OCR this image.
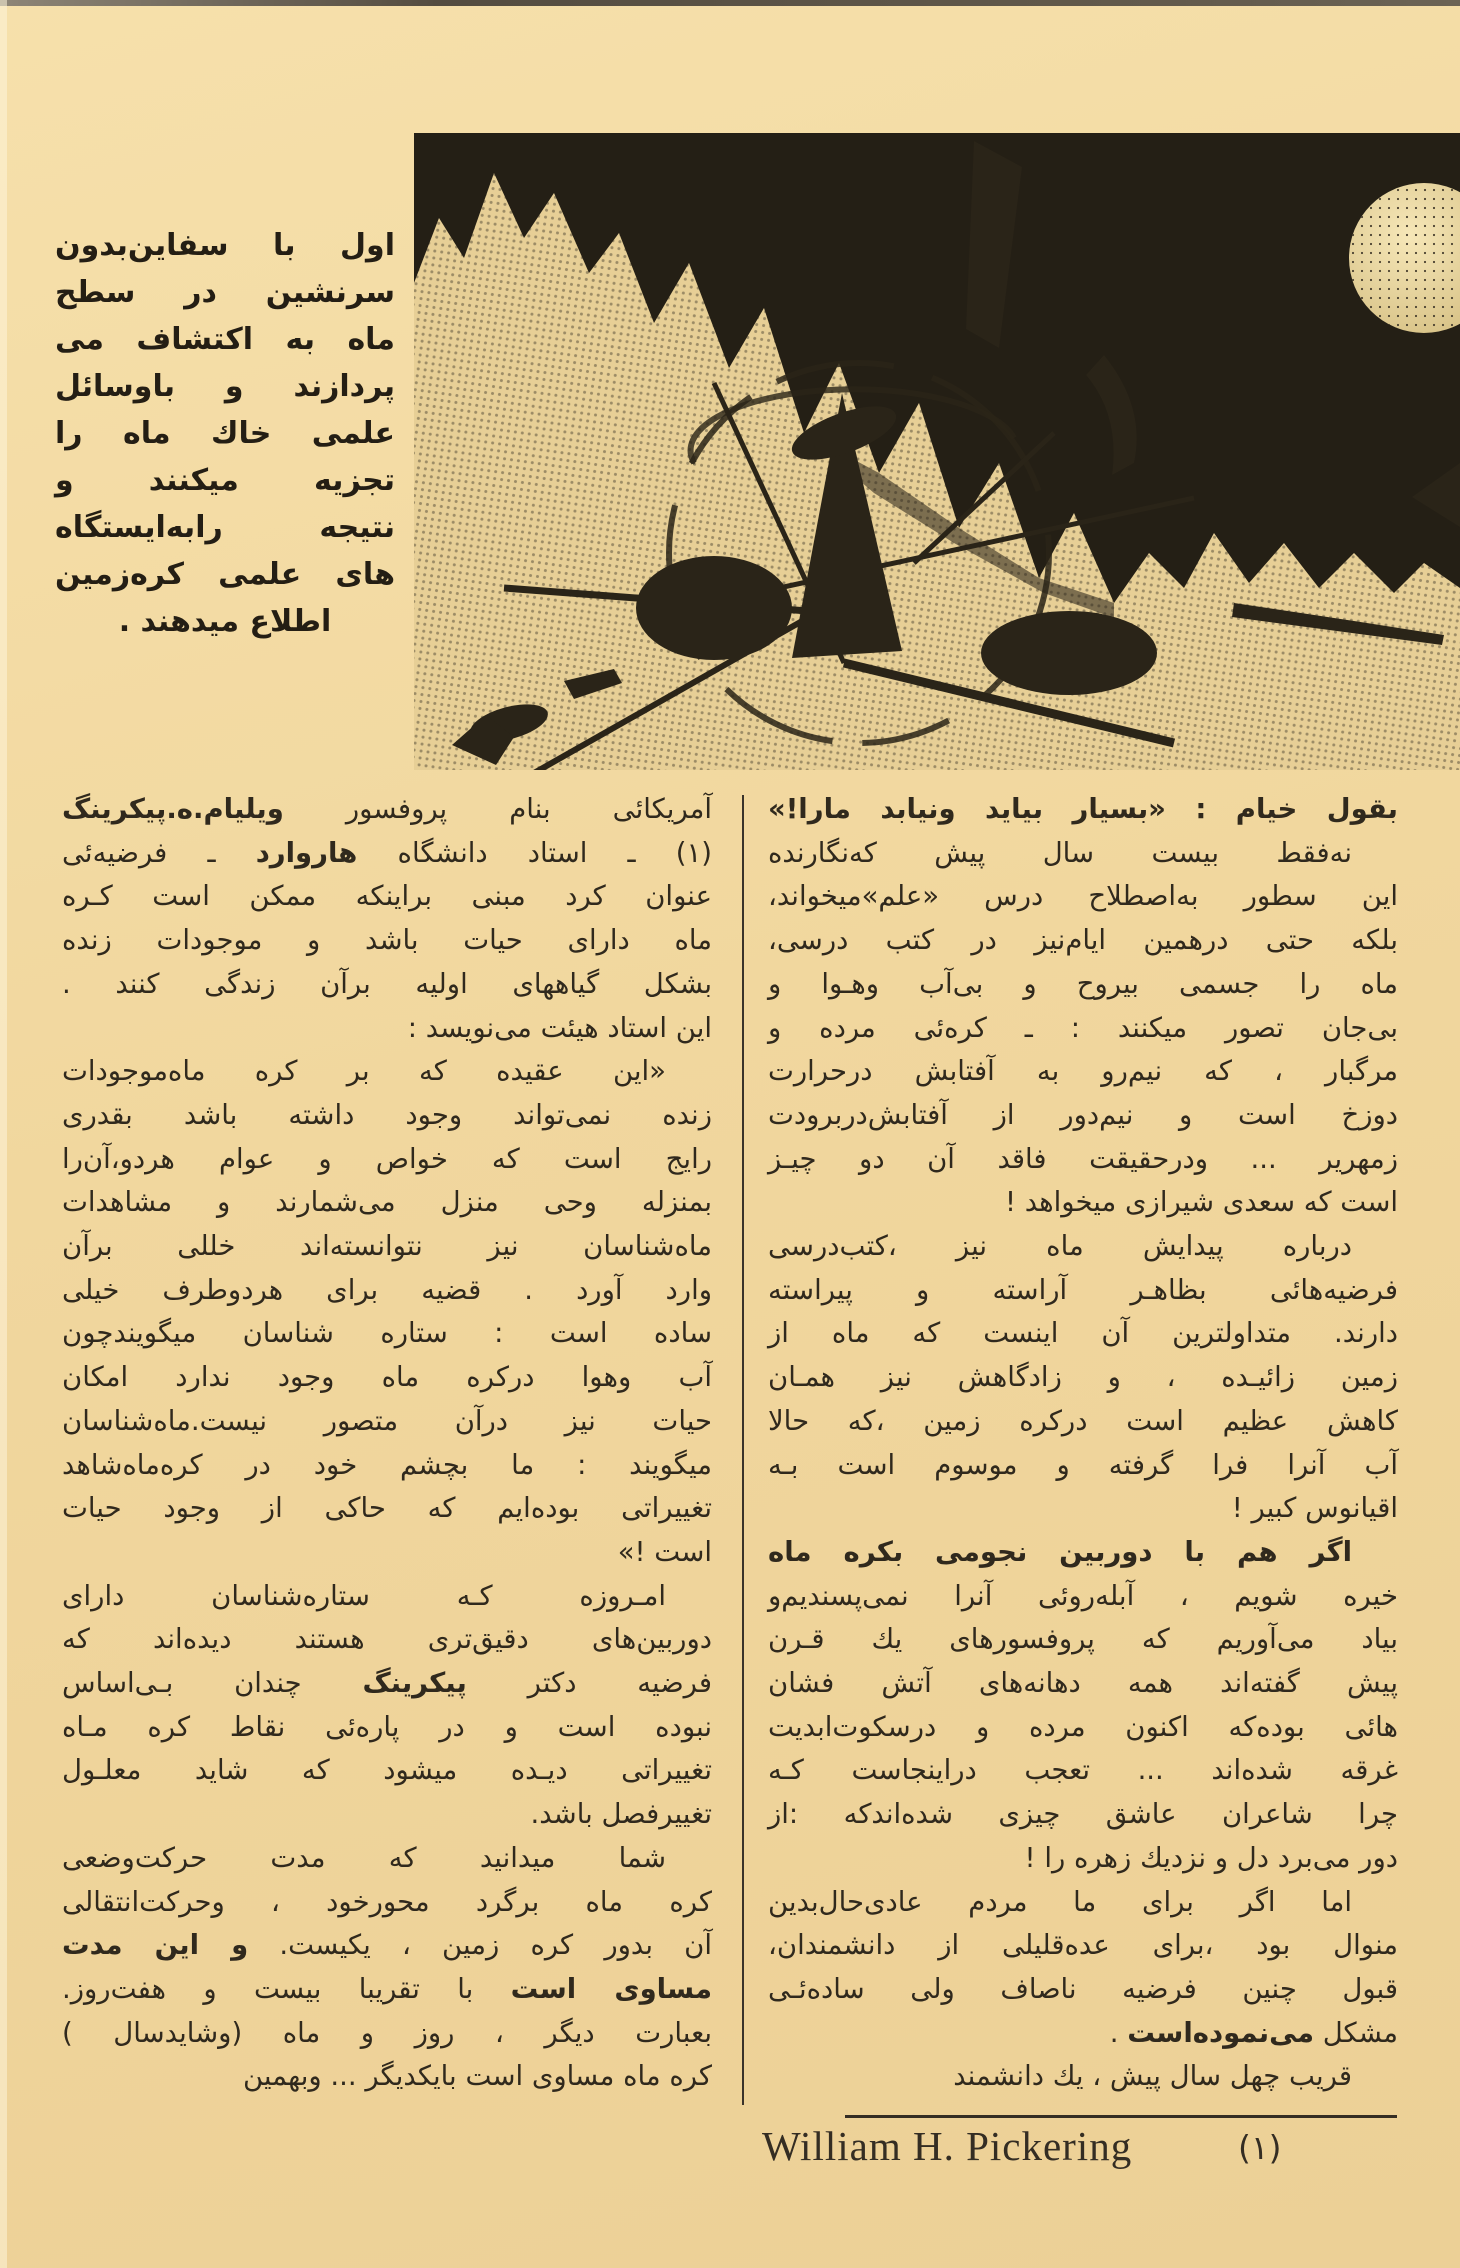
اول با سفاین‌بدون
سرنشین در سطح
ماه به اکتشاف می
پردازند و باوسائل
علمی خاك ماه را
تجزیه میکنند و
نتیجه رابه‌ایستگاه
های علمی کره‌زمین
اطلاع میدهند .
بقول خیام : «بسیار بیاید ونیابد مارا!»
نه‌فقط بیست سال پیش که‌نگارنده
این سطور به‌اصطلاح درس «علم»میخواند،
بلکه حتی درهمین ایام‌نیز در کتب درسی،
ماه را جسمی بیروح و بی‌آب وهـوا و
بی‌جان تصور میکنند : ـ کره‌ئی مرده و
مرگبار ، که نیم‌رو به آفتابش درحرارت
دوزخ است و نیم‌دور از آفتابش‌دربرودت
زمهریر ... ودرحقیقت فاقد آن دو چیـز
است که سعدی شیرازی میخواهد !
درباره پیدایش ماه نیز ،کتب‌درسی
فرضیه‌هائی بظاهـر آراسته و پیراسته
دارند. متداولترین آن اینست که ماه از
زمین زائیـده ، و زادگاهش نیز همـان
کاهش عظیم است درکره زمین ،که حالا
آب آنرا فرا گرفته و موسوم است بـه
اقیانوس کبیر !
اگر هم با دوربین نجومی بکره ماه
خیره شویم ، آبله‌روئی آنرا نمی‌پسندیم‌و
بیاد می‌آوریم که پروفسورهای یك قـرن
پیش گفته‌اند همه دهانه‌های آتش فشان
هائی بوده‌که اکنون مرده و درسکوت‌ابدیت
غرقه شده‌اند ... تعجب دراینجاست کـه
چرا شاعران عاشق چیزی شده‌اندکه :از
دور می‌برد دل و نزدیك زهره را !
اما اگر برای ما مردم عادی‌حال‌بدین
منوال بود ،برای عده‌قلیلی از دانشمندان،
قبول چنین فرضیه ناصاف ولی ساده‌ئـی
مشکل می‌نموده‌است .
قریب چهل سال پیش ، یك دانشمند
آمریکائی بنام پروفسور ویلیام.ه.پیکرینگ
(۱) ـ استاد دانشگاه هاروارد ـ فرضیه‌ئی
عنوان کرد مبنی براینکه ممکن است کـره
ماه دارای حیات باشد و موجودات زنده
بشکل گیاههای اولیه برآن زندگی کنند .
این استاد هیئت می‌نویسد :
«این عقیده که بر کره ماه‌موجودات
زنده نمی‌تواند وجود داشته باشد بقدری
رایج است که خواص و عوام هردو،آن‌را
بمنزله وحی منزل می‌شمارند و مشاهدات
ماه‌شناسان نیز نتوانسته‌اند خللی برآن
وارد آورد . قضیه برای هردوطرف خیلی
ساده است : ستاره شناسان میگویندچون
آب وهوا درکره ماه وجود ندارد امکان
حیات نیز درآن متصور نیست.ماه‌شناسان
میگویند : ما بچشم خود در کره‌ماه‌شاهد
تغییراتی بوده‌ایم که حاکی از وجود حیات
است !»
امـروزه کـه ستاره‌شناسان دارای
دوربین‌های دقیق‌تری هستند دیده‌اند که
فرضیه دکتر پیکرینگ چندان بـی‌اساس
نبوده است و در پاره‌ئی نقاط کره مـاه
تغییراتی دیـده میشود که شاید معلـول
تغییرفصل باشد.
شما میدانید که مدت حرکت‌وضعی
کره ماه برگرد محورخود ، وحرکت‌انتقالی
آن بدور کره زمین ، یکیست. و این مدت
مساوی است با تقریبا بیست و هفت‌روز.
بعبارت دیگر ، روز و ماه (وشایدسال )
کره ماه مساوی است بایکدیگر ... وبهمین
William H. Pickering	(۱)
